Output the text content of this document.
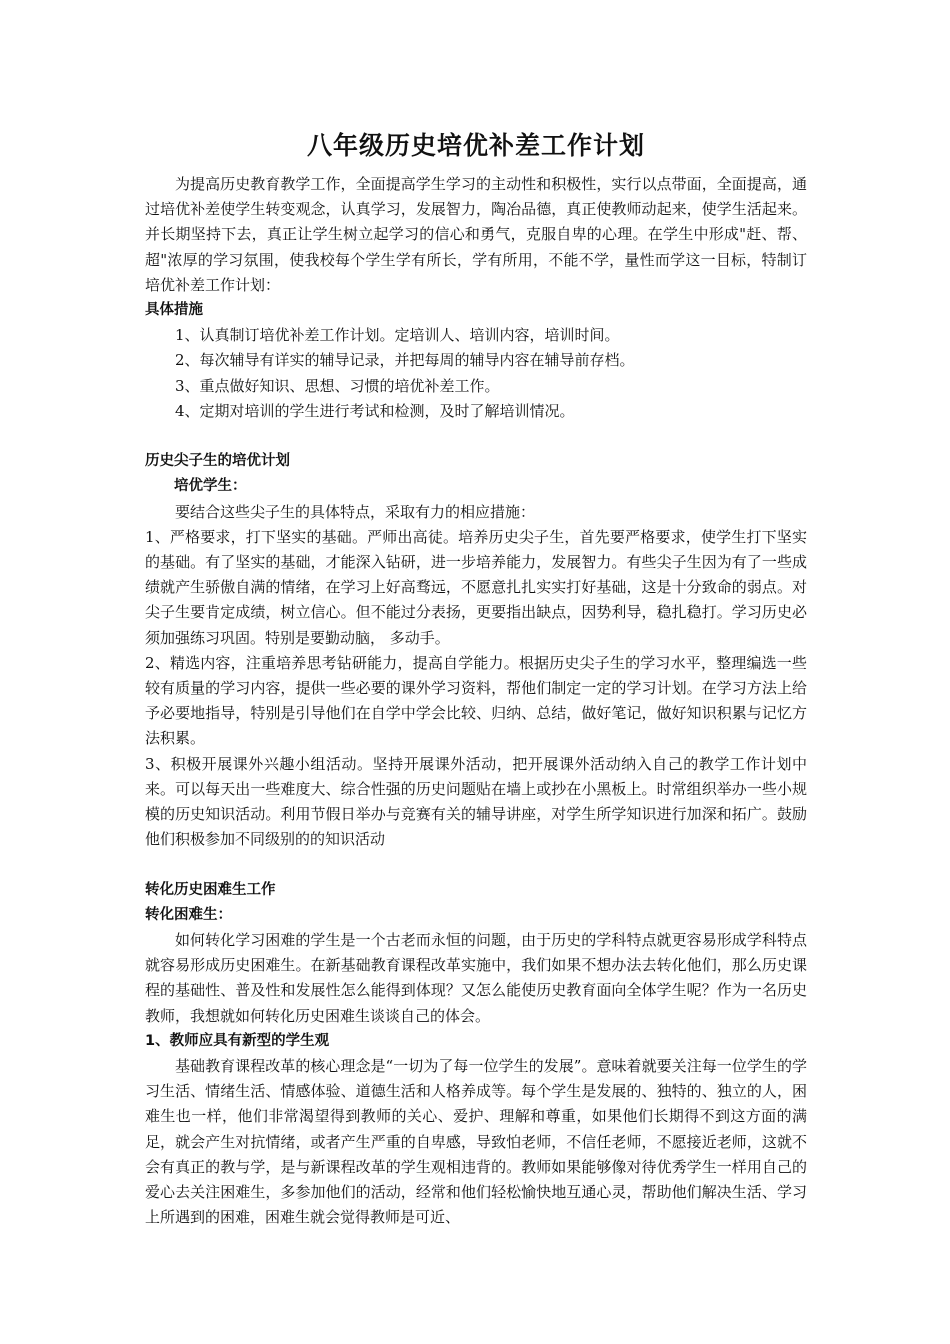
八年级历史培优补差工作计划

为提高历史教育教学工作，全面提高学生学习的主动性和积极性，实行以点带面，全面提高，通过培优补差使学生转变观念，认真学习，发展智力，陶冶品德，真正使教师动起来，使学生活起来。并长期坚持下去，真正让学生树立起学习的信心和勇气，克服自卑的心理。在学生中形成"赶、帮、超"浓厚的学习氛围，使我校每个学生学有所长，学有所用，不能不学，量性而学这一目标，特制订培优补差工作计划：

具体措施

1、认真制订培优补差工作计划。定培训人、培训内容，培训时间。

2、每次辅导有详实的辅导记录，并把每周的辅导内容在辅导前存档。

3、重点做好知识、思想、习惯的培优补差工作。

4、定期对培训的学生进行考试和检测，及时了解培训情况。

历史尖子生的培优计划

培优学生：

要结合这些尖子生的具体特点，采取有力的相应措施：

1、严格要求，打下坚实的基础。严师出高徒。培养历史尖子生，首先要严格要求，使学生打下坚实的基础。有了坚实的基础，才能深入钻研，进一步培养能力，发展智力。有些尖子生因为有了一些成绩就产生骄傲自满的情绪，在学习上好高骛远，不愿意扎扎实实打好基础，这是十分致命的弱点。对尖子生要肯定成绩，树立信心。但不能过分表扬，更要指出缺点，因势利导，稳扎稳打。学习历史必须加强练习巩固。特别是要勤动脑， 多动手。

2、精选内容，注重培养思考钻研能力，提高自学能力。根据历史尖子生的学习水平，整理编选一些较有质量的学习内容，提供一些必要的课外学习资料，帮他们制定一定的学习计划。在学习方法上给予必要地指导，特别是引导他们在自学中学会比较、归纳、总结，做好笔记，做好知识积累与记忆方法积累。

3、积极开展课外兴趣小组活动。坚持开展课外活动，把开展课外活动纳入自己的教学工作计划中来。可以每天出一些难度大、综合性强的历史问题贴在墙上或抄在小黑板上。时常组织举办一些小规模的历史知识活动。利用节假日举办与竞赛有关的辅导讲座，对学生所学知识进行加深和拓广。鼓励他们积极参加不同级别的的知识活动

转化历史困难生工作

转化困难生：

如何转化学习困难的学生是一个古老而永恒的问题，由于历史的学科特点就更容易形成学科特点就容易形成历史困难生。在新基础教育课程改革实施中，我们如果不想办法去转化他们，那么历史课程的基础性、普及性和发展性怎么能得到体现？又怎么能使历史教育面向全体学生呢？作为一名历史教师，我想就如何转化历史困难生谈谈自己的体会。

1、教师应具有新型的学生观

基础教育课程改革的核心理念是“一切为了每一位学生的发展”。意味着就要关注每一位学生的学习生活、情绪生活、情感体验、道德生活和人格养成等。每个学生是发展的、独特的、独立的人，困难生也一样，他们非常渴望得到教师的关心、爱护、理解和尊重，如果他们长期得不到这方面的满足，就会产生对抗情绪，或者产生严重的自卑感，导致怕老师，不信任老师，不愿接近老师，这就不会有真正的教与学，是与新课程改革的学生观相违背的。教师如果能够像对待优秀学生一样用自己的爱心去关注困难生，多参加他们的活动，经常和他们轻松愉快地互通心灵，帮助他们解决生活、学习上所遇到的困难，困难生就会觉得教师是可近、
